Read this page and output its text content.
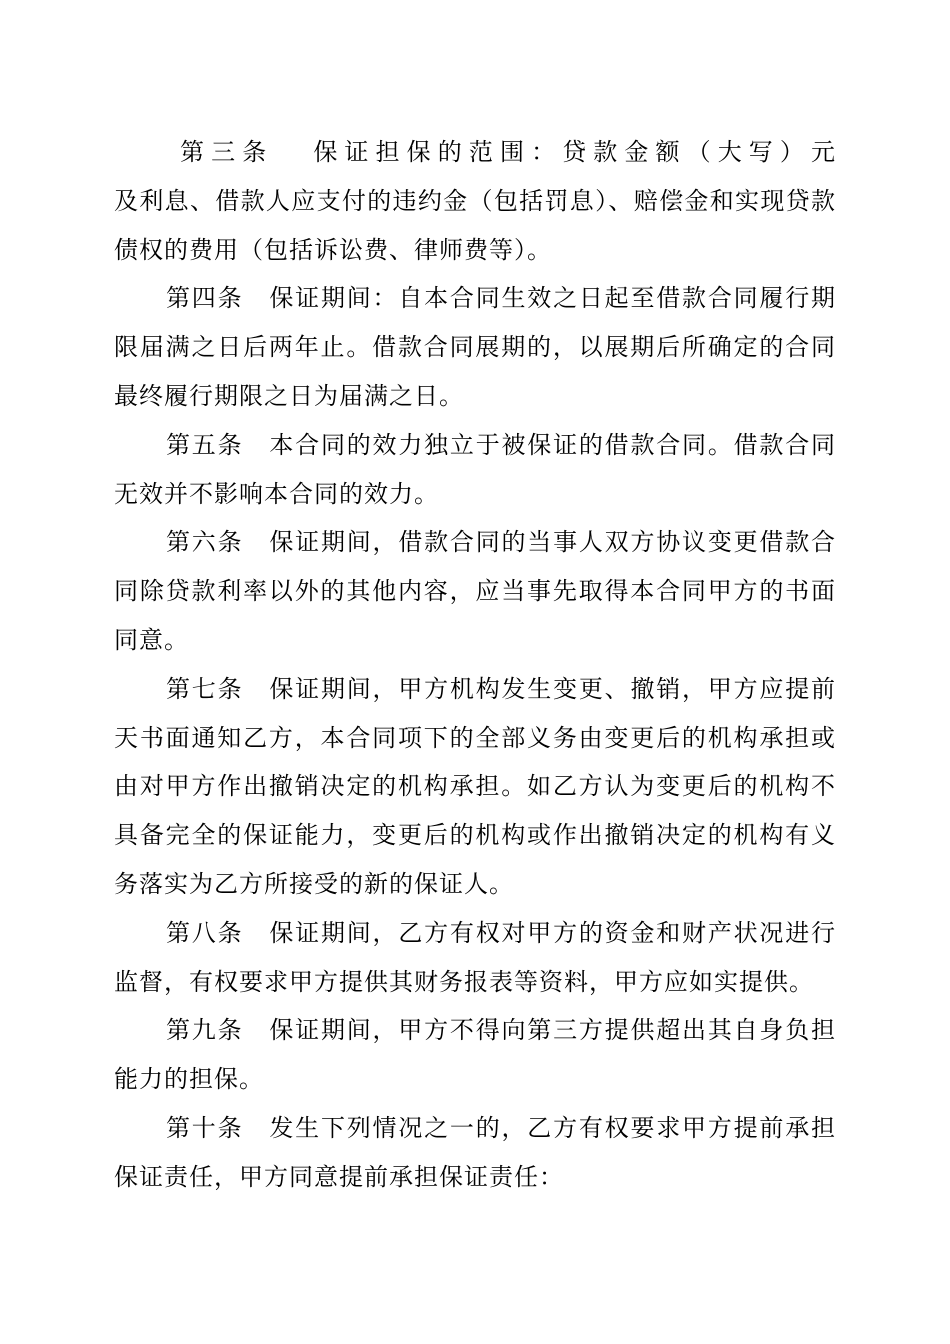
第三条 保证担保的范围：贷款金额（大写）元及利息、借款人应支付的违约金（包括罚息）、赔偿金和实现贷款债权的费用（包括诉讼费、律师费等）。

第四条 保证期间：自本合同生效之日起至借款合同履行期限届满之日后两年止。借款合同展期的，以展期后所确定的合同最终履行期限之日为届满之日。

第五条 本合同的效力独立于被保证的借款合同。借款合同无效并不影响本合同的效力。

第六条 保证期间，借款合同的当事人双方协议变更借款合同除贷款利率以外的其他内容，应当事先取得本合同甲方的书面同意。

第七条 保证期间，甲方机构发生变更、撤销，甲方应提前天书面通知乙方，本合同项下的全部义务由变更后的机构承担或由对甲方作出撤销决定的机构承担。如乙方认为变更后的机构不具备完全的保证能力，变更后的机构或作出撤销决定的机构有义务落实为乙方所接受的新的保证人。

第八条 保证期间，乙方有权对甲方的资金和财产状况进行监督，有权要求甲方提供其财务报表等资料，甲方应如实提供。

第九条 保证期间，甲方不得向第三方提供超出其自身负担能力的担保。

第十条 发生下列情况之一的，乙方有权要求甲方提前承担保证责任，甲方同意提前承担保证责任：
